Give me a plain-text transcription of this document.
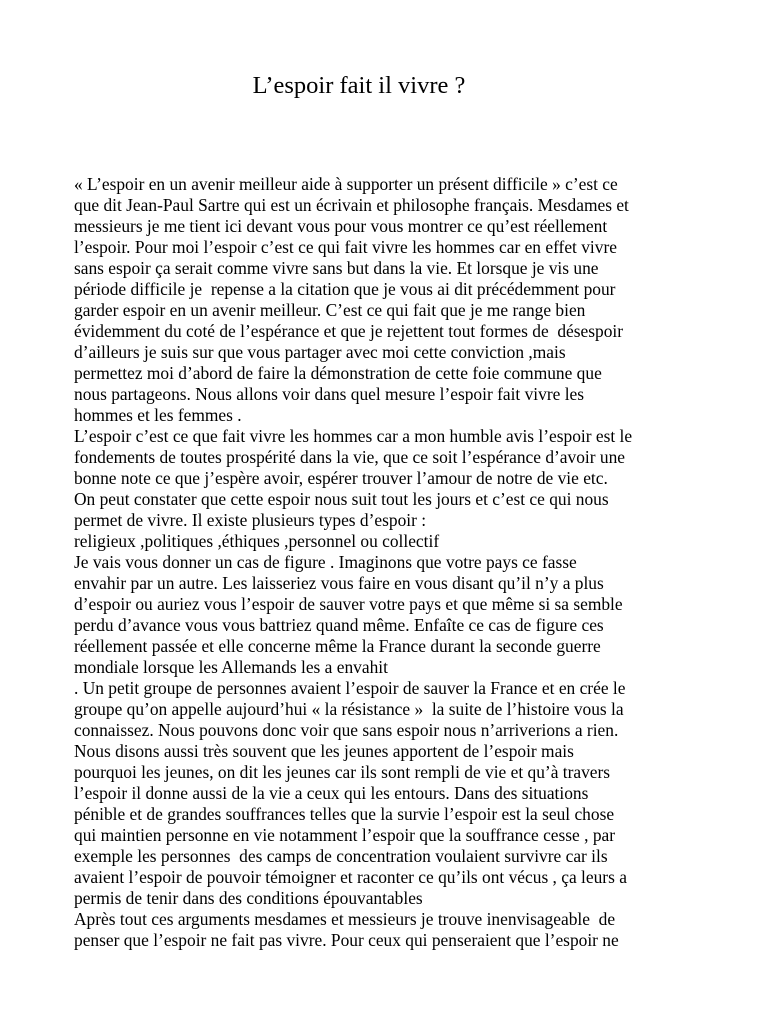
L’espoir fait il vivre ?
« L’espoir en un avenir meilleur aide à supporter un présent difficile » c’est ce
que dit Jean-Paul Sartre qui est un écrivain et philosophe français. Mesdames et
messieurs je me tient ici devant vous pour vous montrer ce qu’est réellement
l’espoir. Pour moi l’espoir c’est ce qui fait vivre les hommes car en effet vivre
sans espoir ça serait comme vivre sans but dans la vie. Et lorsque je vis une
période difficile je  repense a la citation que je vous ai dit précédemment pour
garder espoir en un avenir meilleur. C’est ce qui fait que je me range bien
évidemment du coté de l’espérance et que je rejettent tout formes de  désespoir
d’ailleurs je suis sur que vous partager avec moi cette conviction ,mais
permettez moi d’abord de faire la démonstration de cette foie commune que
nous partageons. Nous allons voir dans quel mesure l’espoir fait vivre les
hommes et les femmes .
L’espoir c’est ce que fait vivre les hommes car a mon humble avis l’espoir est le
fondements de toutes prospérité dans la vie, que ce soit l’espérance d’avoir une
bonne note ce que j’espère avoir, espérer trouver l’amour de notre de vie etc.
On peut constater que cette espoir nous suit tout les jours et c’est ce qui nous
permet de vivre. Il existe plusieurs types d’espoir :
religieux ,politiques ,éthiques ,personnel ou collectif
Je vais vous donner un cas de figure . Imaginons que votre pays ce fasse
envahir par un autre. Les laisseriez vous faire en vous disant qu’il n’y a plus
d’espoir ou auriez vous l’espoir de sauver votre pays et que même si sa semble
perdu d’avance vous vous battriez quand même. Enfaîte ce cas de figure ces
réellement passée et elle concerne même la France durant la seconde guerre
mondiale lorsque les Allemands les a envahit
. Un petit groupe de personnes avaient l’espoir de sauver la France et en crée le
groupe qu’on appelle aujourd’hui « la résistance »  la suite de l’histoire vous la
connaissez. Nous pouvons donc voir que sans espoir nous n’arriverions a rien.
Nous disons aussi très souvent que les jeunes apportent de l’espoir mais
pourquoi les jeunes, on dit les jeunes car ils sont rempli de vie et qu’à travers
l’espoir il donne aussi de la vie a ceux qui les entours. Dans des situations
pénible et de grandes souffrances telles que la survie l’espoir est la seul chose
qui maintien personne en vie notamment l’espoir que la souffrance cesse , par
exemple les personnes  des camps de concentration voulaient survivre car ils
avaient l’espoir de pouvoir témoigner et raconter ce qu’ils ont vécus , ça leurs a
permis de tenir dans des conditions épouvantables
Après tout ces arguments mesdames et messieurs je trouve inenvisageable  de
penser que l’espoir ne fait pas vivre. Pour ceux qui penseraient que l’espoir ne
